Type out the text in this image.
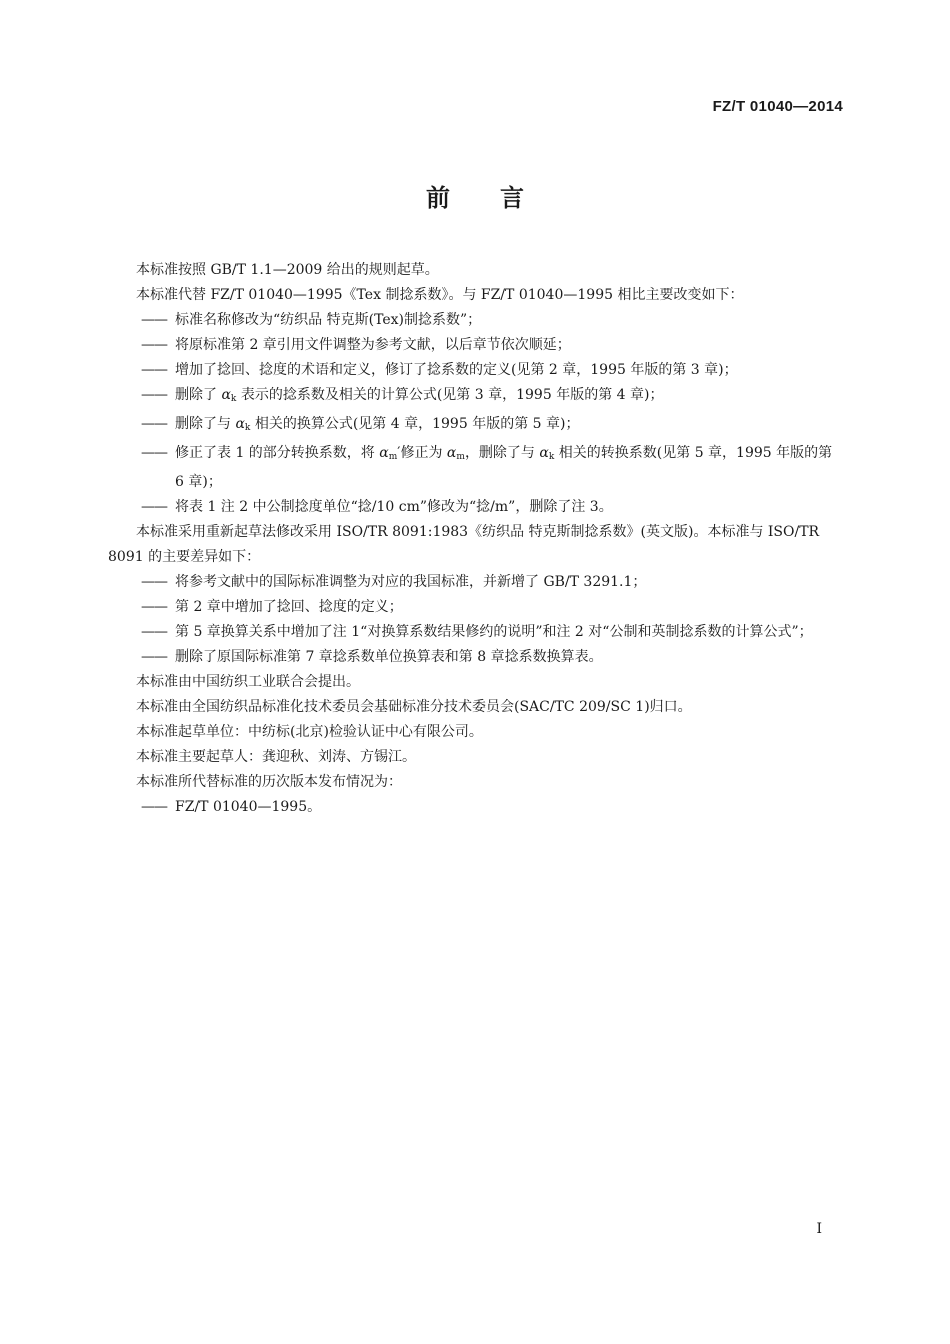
FZ/T 01040—2014
前 言

本标准按照 GB/T 1.1—2009 给出的规则起草。

本标准代替 FZ/T 01040—1995《Tex 制捻系数》。与 FZ/T 01040—1995 相比主要改变如下：

—— 标准名称修改为“纺织品 特克斯(Tex)制捻系数”；

—— 将原标准第 2 章引用文件调整为参考文献，以后章节依次顺延；

—— 增加了捻回、捻度的术语和定义，修订了捻系数的定义(见第 2 章，1995 年版的第 3 章)；

—— 删除了 $\alpha_k$ 表示的捻系数及相关的计算公式(见第 3 章，1995 年版的第 4 章)；

—— 删除了与 $\alpha_k$ 相关的换算公式(见第 4 章，1995 年版的第 5 章)；

—— 修正了表 1 的部分转换系数，将 $\alpha_m'$修正为 $\alpha_m$，删除了与 $\alpha_k$ 相关的转换系数(见第 5 章，1995 年版的第 6 章)；

—— 将表 1 注 2 中公制捻度单位“捻/10 cm”修改为“捻/m”，删除了注 3。

本标准采用重新起草法修改采用 ISO/TR 8091:1983《纺织品 特克斯制捻系数》(英文版)。本标准与 ISO/TR 8091 的主要差异如下：

—— 将参考文献中的国际标准调整为对应的我国标准，并新增了 GB/T 3291.1；

—— 第 2 章中增加了捻回、捻度的定义；

—— 第 5 章换算关系中增加了注 1“对换算系数结果修约的说明”和注 2 对“公制和英制捻系数的计算公式”；

—— 删除了原国际标准第 7 章捻系数单位换算表和第 8 章捻系数换算表。

本标准由中国纺织工业联合会提出。

本标准由全国纺织品标准化技术委员会基础标准分技术委员会(SAC/TC 209/SC 1)归口。

本标准起草单位：中纺标(北京)检验认证中心有限公司。

本标准主要起草人：龚迎秋、刘涛、方锡江。

本标准所代替标准的历次版本发布情况为：

—— FZ/T 01040—1995。

I
